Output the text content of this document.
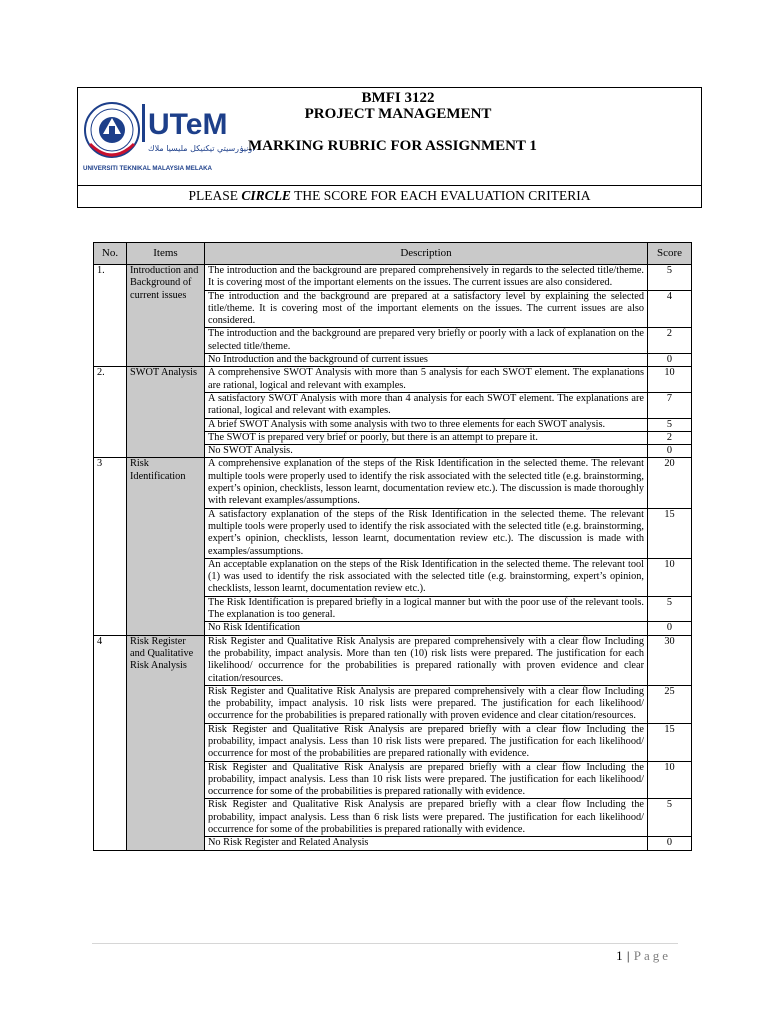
UTeM
اونيۏرسيتي تيكنيكل مليسيا ملاك
UNIVERSITI TEKNIKAL MALAYSIA MELAKA
BMFI 3122
PROJECT MANAGEMENT
MARKING RUBRIC FOR ASSIGNMENT 1
PLEASE CIRCLE THE SCORE FOR EACH EVALUATION CRITERIA
No.	Items	Description	Score
1.	Introduction and Background of current issues	The introduction and the background are prepared comprehensively in regards to the selected title/theme. It is covering most of the important elements on the issues. The current issues are also considered.	5
		The introduction and the background are prepared at a satisfactory level by explaining the selected title/theme. It is covering most of the important elements on the issues. The current issues are also considered.	4
		The introduction and the background are prepared very briefly or poorly with a lack of explanation on the selected title/theme.	2
		No Introduction and the background of current issues	0
2.	SWOT Analysis	A comprehensive SWOT Analysis with more than 5 analysis for each SWOT element. The explanations are rational, logical and relevant with examples.	10
		A satisfactory SWOT Analysis with more than 4 analysis for each SWOT element. The explanations are rational, logical and relevant with examples.	7
		A brief SWOT Analysis with some analysis with two to three elements for each SWOT analysis.	5
		The SWOT is prepared very brief or poorly, but there is an attempt to prepare it.	2
		No SWOT Analysis.	0
3	Risk Identification	A comprehensive explanation of the steps of the Risk Identification in the selected theme. The relevant multiple tools were properly used to identify the risk associated with the selected title (e.g. brainstorming, expert’s opinion, checklists, lesson learnt, documentation review etc.). The discussion is made thoroughly with relevant examples/assumptions.	20
		A satisfactory explanation of the steps of the Risk Identification in the selected theme. The relevant multiple tools were properly used to identify the risk associated with the selected title (e.g. brainstorming, expert’s opinion, checklists, lesson learnt, documentation review etc.). The discussion is made with examples/assumptions.	15
		An acceptable explanation on the steps of the Risk Identification in the selected theme. The relevant tool (1) was used to identify the risk associated with the selected title (e.g. brainstorming, expert’s opinion, checklists, lesson learnt, documentation review etc.).	10
		The Risk Identification is prepared briefly in a logical manner but with the poor use of the relevant tools. The explanation is too general.	5
		No Risk Identification	0
4	Risk Register and Qualitative Risk Analysis	Risk Register and Qualitative Risk Analysis are prepared comprehensively with a clear flow Including the probability, impact analysis. More than ten (10) risk lists were prepared. The justification for each likelihood/ occurrence for the probabilities is prepared rationally with proven evidence and clear citation/resources.	30
		Risk Register and Qualitative Risk Analysis are prepared comprehensively with a clear flow Including the probability, impact analysis. 10 risk lists were prepared. The justification for each likelihood/ occurrence for the probabilities is prepared rationally with proven evidence and clear citation/resources.	25
		Risk Register and Qualitative Risk Analysis are prepared briefly with a clear flow Including the probability, impact analysis. Less than 10 risk lists were prepared. The justification for each likelihood/ occurrence for most of the probabilities are prepared rationally with evidence.	15
		Risk Register and Qualitative Risk Analysis are prepared briefly with a clear flow Including the probability, impact analysis. Less than 10 risk lists were prepared. The justification for each likelihood/ occurrence for some of the probabilities is prepared rationally with evidence.	10
		Risk Register and Qualitative Risk Analysis are prepared briefly with a clear flow Including the probability, impact analysis. Less than 6 risk lists were prepared. The justification for each likelihood/ occurrence for some of the probabilities is prepared rationally with evidence.	5
		No Risk Register and Related Analysis	0
1 | Page
